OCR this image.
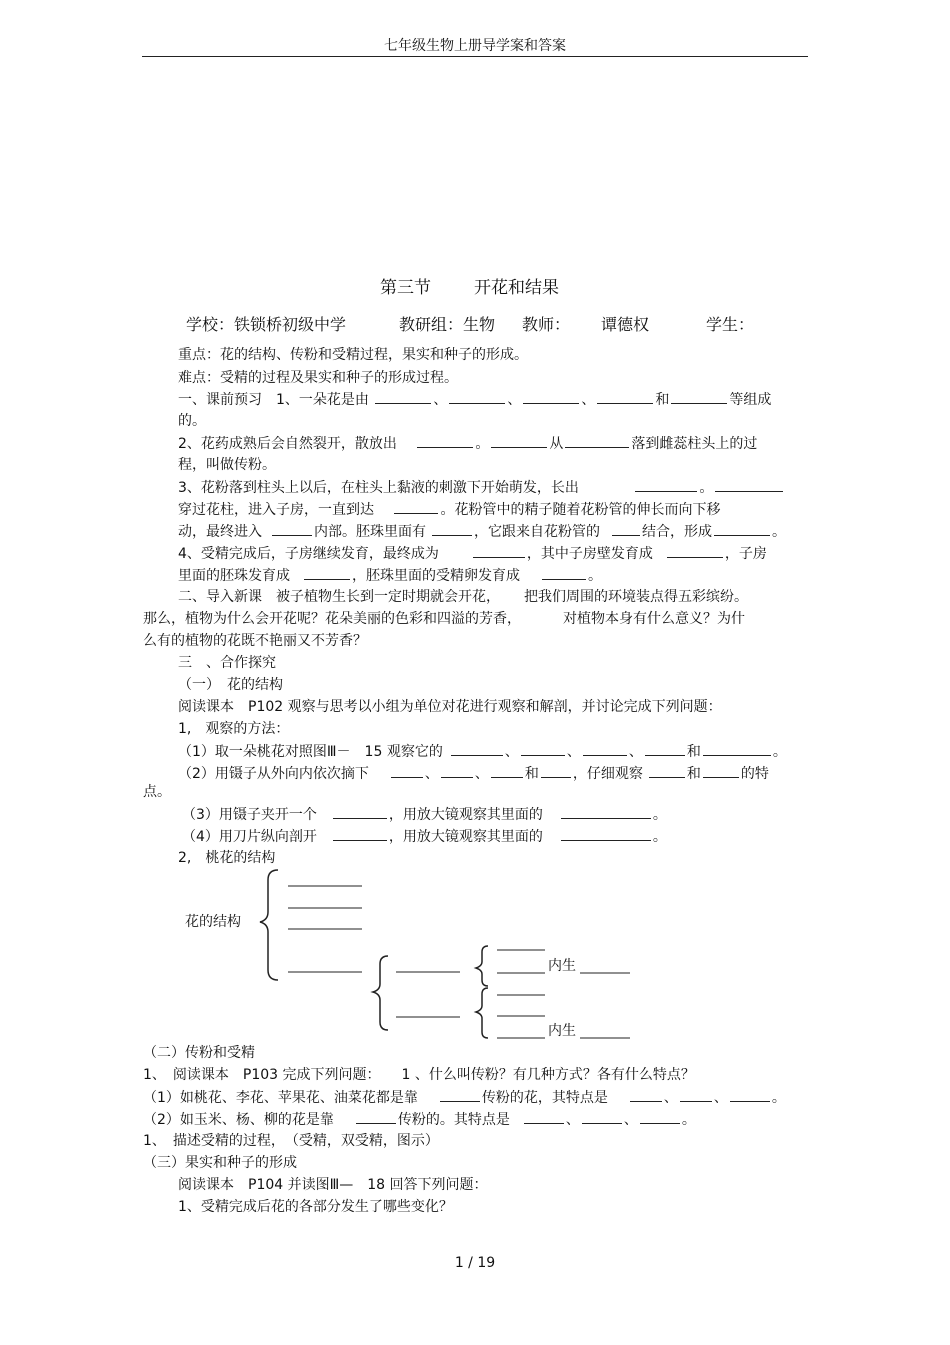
七年级生物上册导学案和答案
第三节	开花和结果
学校：铁锁桥初级中学	教研组：生物 教师： 谭德权	学生：
重点：花的结构、传粉和受精过程，果实和种子的形成。
难点：受精的过程及果实和种子的形成过程。
一、课前预习　1、一朵花是由	、	、	、	和	等组成
的。
2、花药成熟后会自然裂开，散放出	。	从	落到雌蕊柱头上的过
程，叫做传粉。
3、花粉落到柱头上以后，在柱头上黏液的刺激下开始萌发，长出	。
穿过花柱，进入子房，一直到达	。花粉管中的精子随着花粉管的伸长而向下移
动，最终进入	内部。胚珠里面有	，它跟来自花粉管的	结合，形成	。
4、受精完成后，子房继续发育，最终成为	，其中子房壁发育成	，子房
里面的胚珠发育成	，胚珠里面的受精卵发育成	。
二、导入新课　被子植物生长到一定时期就会开花， 把我们周围的环境装点得五彩缤纷。
那么，植物为什么会开花呢？花朵美丽的色彩和四溢的芳香，	对植物本身有什么意义？为什
么有的植物的花既不艳丽又不芳香？
三　、合作探究
（一）　花的结构
阅读课本　P102 观察与思考以小组为单位对花进行观察和解剖，并讨论完成下列问题：
1,　观察的方法：
（1）取一朵桃花对照图Ⅲ－　15 观察它的	、	、	、	和	。
（2）用镊子从外向内依次摘下	、	、	和 ，仔细观察	和	的特
点。
（3）用镊子夹开一个	，用放大镜观察其里面的	。
（4）用刀片纵向剖开	，用放大镜观察其里面的	。
2,　桃花的结构
花的结构
内生
内生
（二）传粉和受精
1、　阅读课本　P103 完成下列问题：　　1 、什么叫传粉？有几种方式？各有什么特点？
（1）如桃花、李花、苹果花、油菜花都是靠	传粉的花，其特点是	、	、	。
（2）如玉米、杨、柳的花是靠	传粉的。其特点是	、	、	。
1、　描述受精的过程，　（受精，双受精，图示）
（三）果实和种子的形成
阅读课本　P104 并读图Ⅲ—　18 回答下列问题：
1、受精完成后花的各部分发生了哪些变化？
1 / 19
